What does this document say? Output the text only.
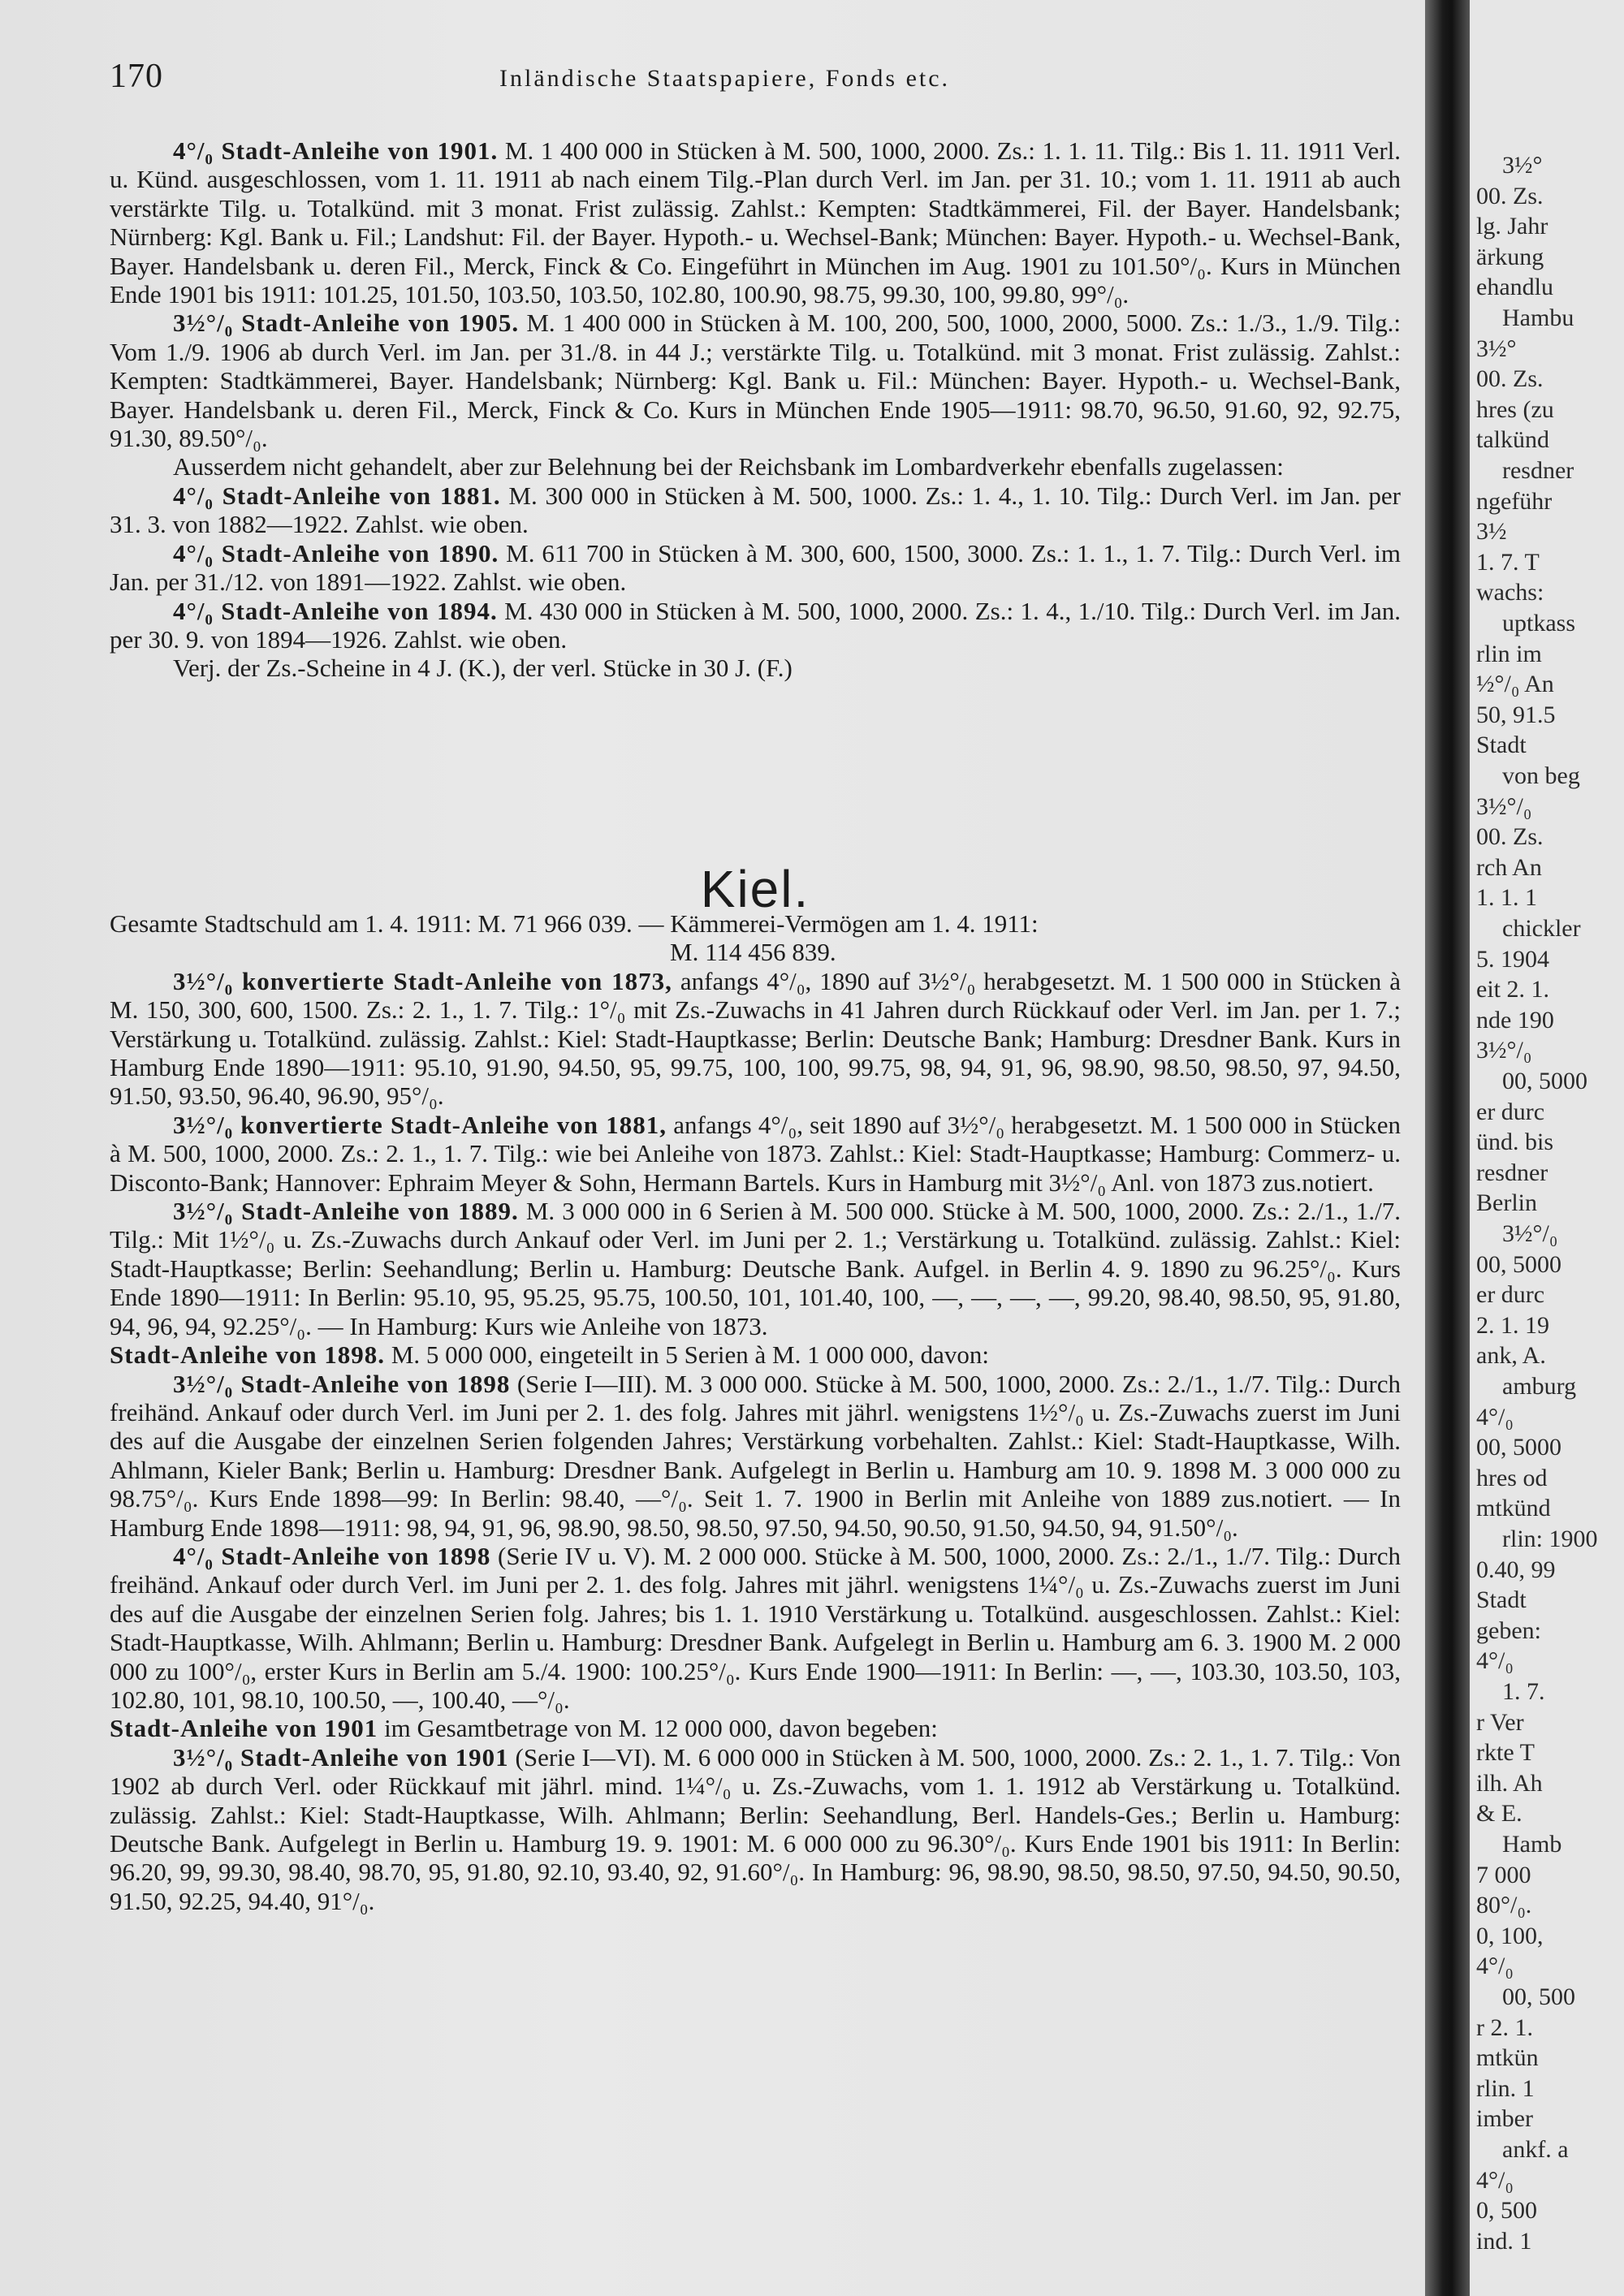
170	Inländische Staatspapiere, Fonds etc.

4°/₀ Stadt-Anleihe von 1901. M. 1 400 000 in Stücken à M. 500, 1000, 2000. Zs.: 1. 1. 11. Tilg.: Bis 1. 11. 1911 Verl. u. Künd. ausgeschlossen, vom 1. 11. 1911 ab nach einem Tilg.-Plan durch Verl. im Jan. per 31. 10.; vom 1. 11. 1911 ab auch verstärkte Tilg. u. Totalkünd. mit 3 monat. Frist zulässig. Zahlst.: Kempten: Stadtkämmerei, Fil. der Bayer. Handelsbank; Nürnberg: Kgl. Bank u. Fil.; Landshut: Fil. der Bayer. Hypoth.- u. Wechsel-Bank; München: Bayer. Hypoth.- u. Wechsel-Bank, Bayer. Handelsbank u. deren Fil., Merck, Finck & Co. Eingeführt in München im Aug. 1901 zu 101.50°/₀. Kurs in München Ende 1901 bis 1911: 101.25, 101.50, 103.50, 103.50, 102.80, 100.90, 98.75, 99.30, 100, 99.80, 99°/₀.

3½°/₀ Stadt-Anleihe von 1905. M. 1 400 000 in Stücken à M. 100, 200, 500, 1000, 2000, 5000. Zs.: 1./3., 1./9. Tilg.: Vom 1./9. 1906 ab durch Verl. im Jan. per 31./8. in 44 J.; verstärkte Tilg. u. Totalkünd. mit 3 monat. Frist zulässig. Zahlst.: Kempten: Stadtkämmerei, Bayer. Handelsbank; Nürnberg: Kgl. Bank u. Fil.: München: Bayer. Hypoth.- u. Wechsel-Bank, Bayer. Handelsbank u. deren Fil., Merck, Finck & Co. Kurs in München Ende 1905—1911: 98.70, 96.50, 91.60, 92, 92.75, 91.30, 89.50°/₀.

Ausserdem nicht gehandelt, aber zur Belehnung bei der Reichsbank im Lombardverkehr ebenfalls zugelassen:

4°/₀ Stadt-Anleihe von 1881. M. 300 000 in Stücken à M. 500, 1000. Zs.: 1. 4., 1. 10. Tilg.: Durch Verl. im Jan. per 31. 3. von 1882—1922. Zahlst. wie oben.

4°/₀ Stadt-Anleihe von 1890. M. 611 700 in Stücken à M. 300, 600, 1500, 3000. Zs.: 1. 1., 1. 7. Tilg.: Durch Verl. im Jan. per 31./12. von 1891—1922. Zahlst. wie oben.

4°/₀ Stadt-Anleihe von 1894. M. 430 000 in Stücken à M. 500, 1000, 2000. Zs.: 1. 4., 1./10. Tilg.: Durch Verl. im Jan. per 30. 9. von 1894—1926. Zahlst. wie oben.

Verj. der Zs.-Scheine in 4 J. (K.), der verl. Stücke in 30 J. (F.)

Kiel.

Gesamte Stadtschuld am 1. 4. 1911: M. 71 966 039. — Kämmerei-Vermögen am 1. 4. 1911:

M. 114 456 839.

3½°/₀ konvertierte Stadt-Anleihe von 1873, anfangs 4°/₀, 1890 auf 3½°/₀ herabgesetzt. M. 1 500 000 in Stücken à M. 150, 300, 600, 1500. Zs.: 2. 1., 1. 7. Tilg.: 1°/₀ mit Zs.-Zuwachs in 41 Jahren durch Rückkauf oder Verl. im Jan. per 1. 7.; Verstärkung u. Totalkünd. zulässig. Zahlst.: Kiel: Stadt-Hauptkasse; Berlin: Deutsche Bank; Hamburg: Dresdner Bank. Kurs in Hamburg Ende 1890—1911: 95.10, 91.90, 94.50, 95, 99.75, 100, 100, 99.75, 98, 94, 91, 96, 98.90, 98.50, 98.50, 97, 94.50, 91.50, 93.50, 96.40, 96.90, 95°/₀.

3½°/₀ konvertierte Stadt-Anleihe von 1881, anfangs 4°/₀, seit 1890 auf 3½°/₀ herabgesetzt. M. 1 500 000 in Stücken à M. 500, 1000, 2000. Zs.: 2. 1., 1. 7. Tilg.: wie bei Anleihe von 1873. Zahlst.: Kiel: Stadt-Hauptkasse; Hamburg: Commerz- u. Disconto-Bank; Hannover: Ephraim Meyer & Sohn, Hermann Bartels. Kurs in Hamburg mit 3½°/₀ Anl. von 1873 zus.notiert.

3½°/₀ Stadt-Anleihe von 1889. M. 3 000 000 in 6 Serien à M. 500 000. Stücke à M. 500, 1000, 2000. Zs.: 2./1., 1./7. Tilg.: Mit 1½°/₀ u. Zs.-Zuwachs durch Ankauf oder Verl. im Juni per 2. 1.; Verstärkung u. Totalkünd. zulässig. Zahlst.: Kiel: Stadt-Hauptkasse; Berlin: Seehandlung; Berlin u. Hamburg: Deutsche Bank. Aufgel. in Berlin 4. 9. 1890 zu 96.25°/₀. Kurs Ende 1890—1911: In Berlin: 95.10, 95, 95.25, 95.75, 100.50, 101, 101.40, 100, —, —, —, —, 99.20, 98.40, 98.50, 95, 91.80, 94, 96, 94, 92.25°/₀. — In Hamburg: Kurs wie Anleihe von 1873.

Stadt-Anleihe von 1898. M. 5 000 000, eingeteilt in 5 Serien à M. 1 000 000, davon:

3½°/₀ Stadt-Anleihe von 1898 (Serie I—III). M. 3 000 000. Stücke à M. 500, 1000, 2000. Zs.: 2./1., 1./7. Tilg.: Durch freihänd. Ankauf oder durch Verl. im Juni per 2. 1. des folg. Jahres mit jährl. wenigstens 1½°/₀ u. Zs.-Zuwachs zuerst im Juni des auf die Ausgabe der einzelnen Serien folgenden Jahres; Verstärkung vorbehalten. Zahlst.: Kiel: Stadt-Hauptkasse, Wilh. Ahlmann, Kieler Bank; Berlin u. Hamburg: Dresdner Bank. Aufgelegt in Berlin u. Hamburg am 10. 9. 1898 M. 3 000 000 zu 98.75°/₀. Kurs Ende 1898—99: In Berlin: 98.40, —°/₀. Seit 1. 7. 1900 in Berlin mit Anleihe von 1889 zus.notiert. — In Hamburg Ende 1898—1911: 98, 94, 91, 96, 98.90, 98.50, 98.50, 97.50, 94.50, 90.50, 91.50, 94.50, 94, 91.50°/₀.

4°/₀ Stadt-Anleihe von 1898 (Serie IV u. V). M. 2 000 000. Stücke à M. 500, 1000, 2000. Zs.: 2./1., 1./7. Tilg.: Durch freihänd. Ankauf oder durch Verl. im Juni per 2. 1. des folg. Jahres mit jährl. wenigstens 1¼°/₀ u. Zs.-Zuwachs zuerst im Juni des auf die Ausgabe der einzelnen Serien folg. Jahres; bis 1. 1. 1910 Verstärkung u. Totalkünd. ausgeschlossen. Zahlst.: Kiel: Stadt-Hauptkasse, Wilh. Ahlmann; Berlin u. Hamburg: Dresdner Bank. Aufgelegt in Berlin u. Hamburg am 6. 3. 1900 M. 2 000 000 zu 100°/₀, erster Kurs in Berlin am 5./4. 1900: 100.25°/₀. Kurs Ende 1900—1911: In Berlin: —, —, 103.30, 103.50, 103, 102.80, 101, 98.10, 100.50, —, 100.40, —°/₀.

Stadt-Anleihe von 1901 im Gesamtbetrage von M. 12 000 000, davon begeben:

3½°/₀ Stadt-Anleihe von 1901 (Serie I—VI). M. 6 000 000 in Stücken à M. 500, 1000, 2000. Zs.: 2. 1., 1. 7. Tilg.: Von 1902 ab durch Verl. oder Rückkauf mit jährl. mind. 1¼°/₀ u. Zs.-Zuwachs, vom 1. 1. 1912 ab Verstärkung u. Totalkünd. zulässig. Zahlst.: Kiel: Stadt-Hauptkasse, Wilh. Ahlmann; Berlin: Seehandlung, Berl. Handels-Ges.; Berlin u. Hamburg: Deutsche Bank. Aufgelegt in Berlin u. Hamburg 19. 9. 1901: M. 6 000 000 zu 96.30°/₀. Kurs Ende 1901 bis 1911: In Berlin: 96.20, 99, 99.30, 98.40, 98.70, 95, 91.80, 92.10, 93.40, 92, 91.60°/₀. In Hamburg: 96, 98.90, 98.50, 98.50, 97.50, 94.50, 90.50, 91.50, 92.25, 94.40, 91°/₀.

3½°
00. Zs.
lg. Jahr
ärkung
ehandlu
Hambu
3½°
00. Zs.
hres (zu
talkünd
resdner
ngeführ
3½
1. 7. T
wachs:
uptkass
rlin im
½°/₀ An
50, 91.5
Stadt
von beg
3½°/₀
00. Zs.
rch An
1. 1. 1
chickler
5. 1904
eit 2. 1.
nde 190
3½°/₀
00, 5000
er durc
ünd. bis
resdner
Berlin
3½°/₀
00, 5000
er durc
2. 1. 19
ank, A.
amburg
4°/₀
00, 5000
hres od
mtkünd
rlin: 1900
0.40, 99
Stadt
geben:
4°/₀
1. 7.
r Ver
rkte T
ilh. Ah
& E.
Hamb
7 000
80°/₀.
0, 100,
4°/₀
00, 500
r 2. 1.
mtkün
rlin. 1
imber
ankf. a
4°/₀
0, 500
ind. 1
